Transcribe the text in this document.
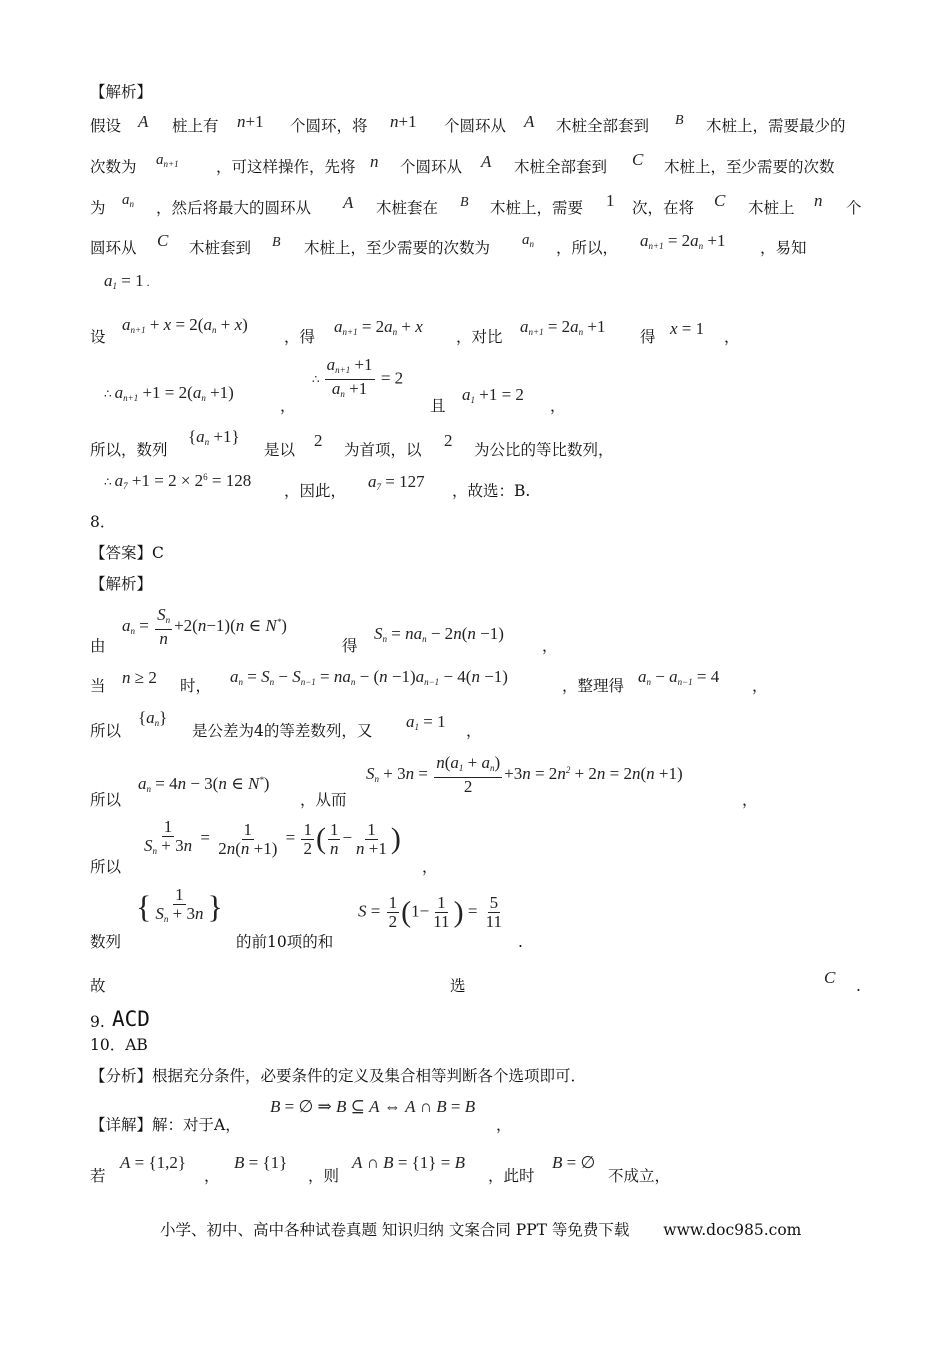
【解析】
假设 A 桩上有 n+1 个圆环，将 n+1 个圆环从 A 木桩全部套到 B 木桩上，需要最少的
次数为 $a_{n+1}$ ，可这样操作，先将 n 个圆环从 A 木桩全部套到 C 木桩上，至少需要的次数
为 $a_n$ ，然后将最大的圆环从 A 木桩套在 B 木桩上，需要 1 次，在将 C 木桩上 n 个
圆环从 C 木桩套到 B 木桩上，至少需要的次数为 $a_n$ ，所以， $a_{n+1} = 2a_n +1$ ，易知
$a_1 = 1$ .
设
$a_{n+1} + x = 2(a_n + x)$
，得
$a_{n+1} = 2a_n + x$
，对比
$a_{n+1} = 2a_n +1$
得 x = 1 ，
∴ $a_{n+1} +1 = 2(a_n +1)$
，
∴ $\frac{a_{n+1} +1}{a_n +1} = 2$
且
$a_1 +1 = 2$
，
所以，数列
$\{a_n +1\}$
是以 2 为首项，以 2 为公比的等比数列，
∴ $a_7 +1 = 2 \times 2^6 = 128$
，因此， $a_7 = 127$ ，故选：B.
8．
【答案】C
【解析】
由
$a_n = \frac{S_n}{n} +2(n-1)(n$ ∈ N*)
得
$S_n = na_n - 2n(n -1)$
，
当 n ≥ 2 时， $a_n = S_n - S_{n-1} = na_n - (n -1)a_{n-1} - 4(n -1)$	，整理得 $a_n - a_{n-1} = 4$ ，
所以
$\{a_n\}$
是公差为4的等差数列，又 $a_1 = 1$ ，
所以
$a_n = 4n - 3(n$ ∈ N*)
，从而
$S_n + 3n = \frac{n(a_1 + a_n)}{2} +3n = 2n^2 + 2n = 2n(n +1)$
，
所以
$\frac{1}{S_n + 3n} = \frac{1}{2n(n +1)} = \frac{1}{2}$ ( $\frac{1}{n} - \frac{1}{n +1}$ )
，
数列
{ $\frac{1}{S_n + 3n}$ }
的前10项的和
$S = \frac{1}{2} (1- \frac{1}{11}$ ) = $\frac{5}{11}$
.
故	选	C .
9. ACD
10．AB
【分析】根据充分条件，必要条件的定义及集合相等判断各个选项即可．
【详解】解：对于A，
B = ∅ ⇒ B ⊆ A ⇔ A ∩ B = B
，
若
A = {1,2}
，
B = {1}
，则
A ∩ B = {1} = B
，此时
B = ∅
不成立，
小学、初中、高中各种试卷真题 知识归纳 文案合同 PPT 等免费下载 www.doc985.com
